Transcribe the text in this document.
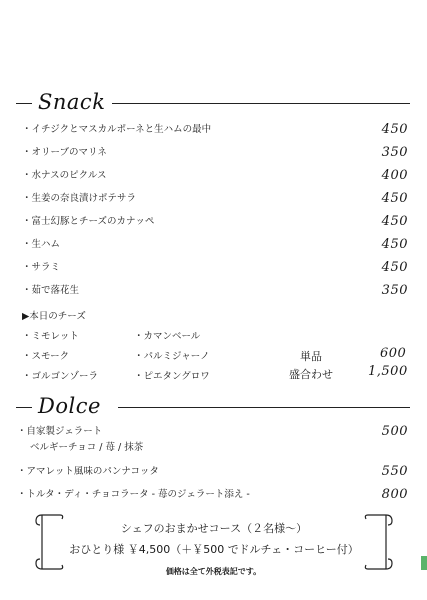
Snack
・イチジクとマスカルポーネと生ハムの最中	450
・オリーブのマリネ	350
・水ナスのピクルス	400
・生姜の奈良漬けポテサラ	450
・富士幻豚とチーズのカナッペ	450
・生ハム	450
・サラミ	450
・茹で落花生	350
▶本日のチーズ
・ミモレット
・スモーク
・ゴルゴンゾーラ
・カマンベール
・パルミジャーノ
・ピエタングロワ
単品	600
盛合わせ	1,500
Dolce
・自家製ジェラート	500
ベルギーチョコ / 苺 / 抹茶
・アマレット風味のパンナコッタ	550
・トルタ・ディ・チョコラータ - 苺のジェラート添え -	800
シェフのおまかせコース（２名様〜）
おひとり様 ￥4,500（＋￥500 でドルチェ・コーヒー付）
価格は全て外税表記です。
